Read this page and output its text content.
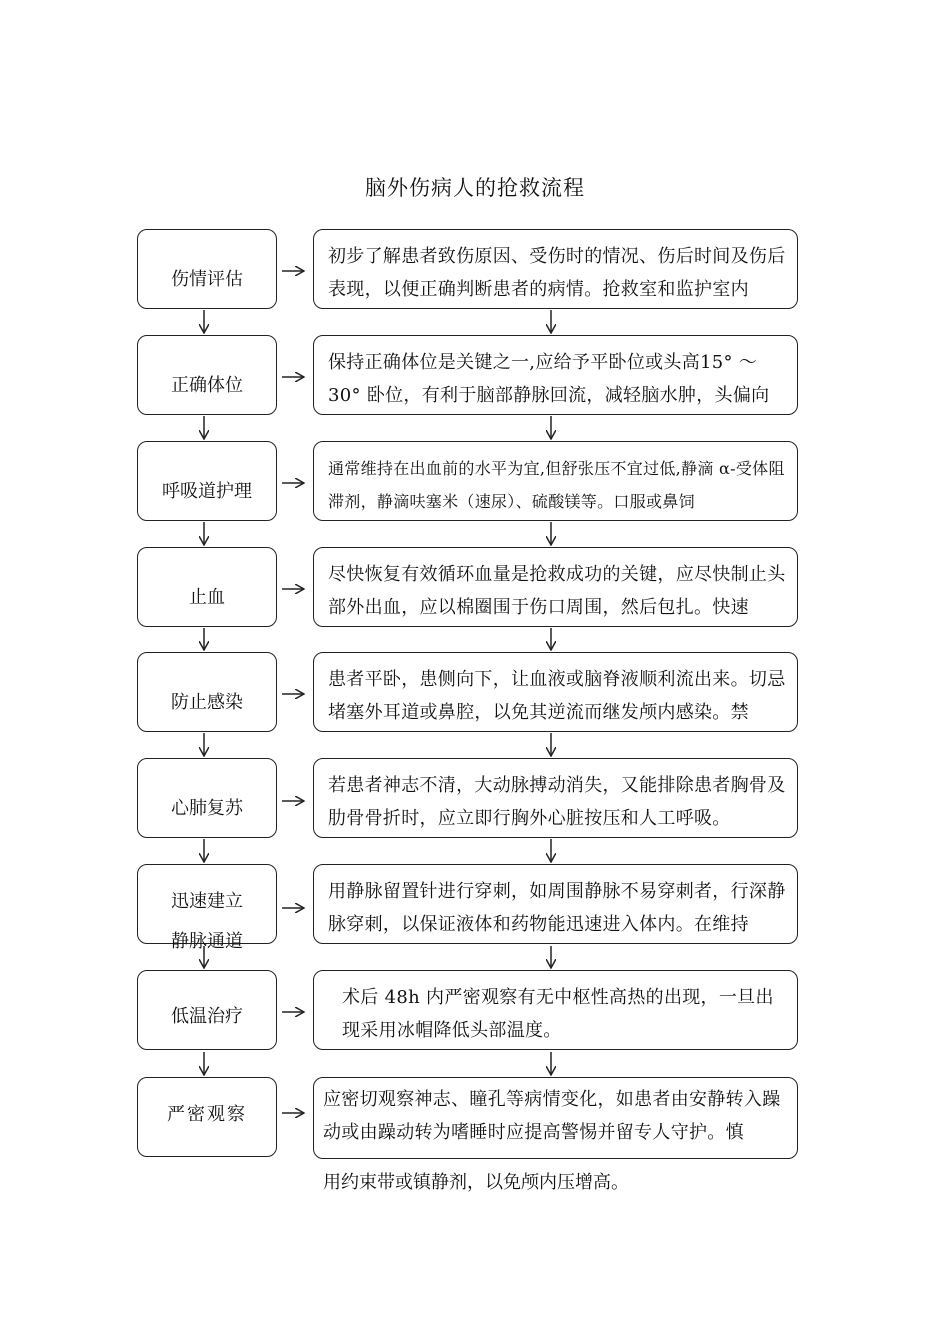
脑外伤病人的抢救流程
伤情评估
初步了解患者致伤原因、受伤时的情况、伤后时间及伤后表现，以便正确判断患者的病情。抢救室和监护室内
正确体位
保持正确体位是关键之一,应给予平卧位或头高15° ～30° 卧位，有利于脑部静脉回流，减轻脑水肿，头偏向
呼吸道护理
通常维持在出血前的水平为宜,但舒张压不宜过低,静滴 α-受体阻滞剂，静滴呋塞米（速尿）、硫酸镁等。口服或鼻饲
止血
尽快恢复有效循环血量是抢救成功的关键，应尽快制止头部外出血，应以棉圈围于伤口周围，然后包扎。快速
防止感染
患者平卧，患侧向下，让血液或脑脊液顺利流出来。切忌堵塞外耳道或鼻腔，以免其逆流而继发颅内感染。禁
心肺复苏
若患者神志不清，大动脉搏动消失，又能排除患者胸骨及肋骨骨折时，应立即行胸外心脏按压和人工呼吸。
迅速建立
静脉通道
用静脉留置针进行穿刺，如周围静脉不易穿刺者，行深静脉穿刺，以保证液体和药物能迅速进入体内。在维持
低温治疗
术后 48h 内严密观察有无中枢性高热的出现，一旦出现采用冰帽降低头部温度。
严密观察
应密切观察神志、瞳孔等病情变化，如患者由安静转入躁动或由躁动转为嗜睡时应提高警惕并留专人守护。慎
用约束带或镇静剂，以免颅内压增高。
